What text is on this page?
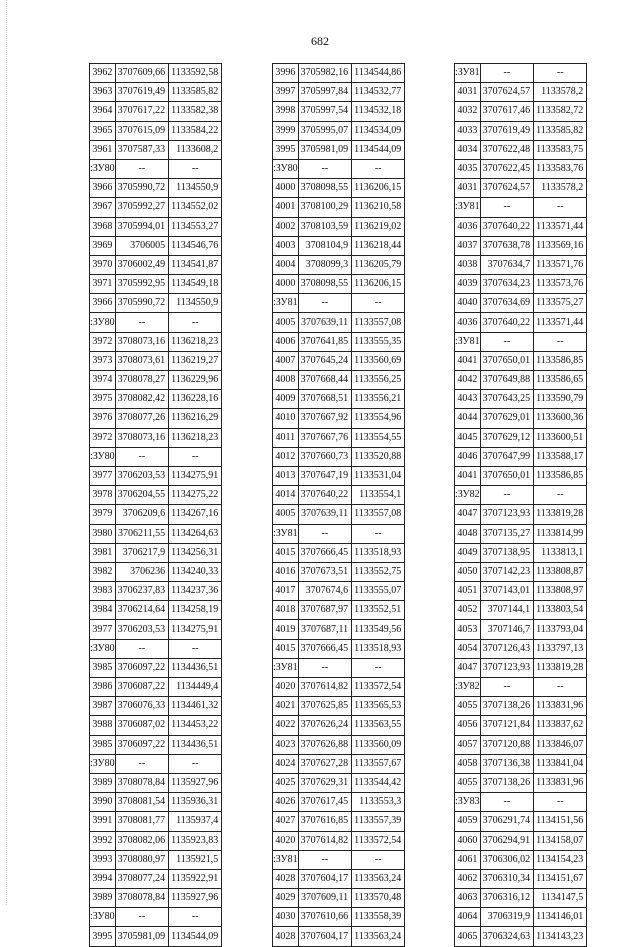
682
3962	3707609,66	1133592,58
3963	3707619,49	1133585,82
3964	3707617,22	1133582,38
3965	3707615,09	1133584,22
3961	3707587,33	1133608,2
:ЗУ80	--	--
3966	3705990,72	1134550,9
3967	3705992,27	1134552,02
3968	3705994,01	1134553,27
3969	3706005	1134546,76
3970	3706002,49	1134541,87
3971	3705992,95	1134549,18
3966	3705990,72	1134550,9
:ЗУ80	--	--
3972	3708073,16	1136218,23
3973	3708073,61	1136219,27
3974	3708078,27	1136229,96
3975	3708082,42	1136228,16
3976	3708077,26	1136216,29
3972	3708073,16	1136218,23
:ЗУ80	--	--
3977	3706203,53	1134275,91
3978	3706204,55	1134275,22
3979	3706209,6	1134267,16
3980	3706211,55	1134264,63
3981	3706217,9	1134256,31
3982	3706236	1134240,33
3983	3706237,83	1134237,36
3984	3706214,64	1134258,19
3977	3706203,53	1134275,91
:ЗУ80	--	--
3985	3706097,22	1134436,51
3986	3706087,22	1134449,4
3987	3706076,33	1134461,32
3988	3706087,02	1134453,22
3985	3706097,22	1134436,51
:ЗУ80	--	--
3989	3708078,84	1135927,96
3990	3708081,54	1135936,31
3991	3708081,77	1135937,4
3992	3708082,06	1135923,83
3993	3708080,97	1135921,5
3994	3708077,24	1135922,91
3989	3708078,84	1135927,96
:ЗУ80	--	--
3995	3705981,09	1134544,09
3996	3705982,16	1134544,86
3997	3705997,84	1134532,77
3998	3705997,54	1134532,18
3999	3705995,07	1134534,09
3995	3705981,09	1134544,09
:ЗУ80	--	--
4000	3708098,55	1136206,15
4001	3708100,29	1136210,58
4002	3708103,59	1136219,02
4003	3708104,9	1136218,44
4004	3708099,3	1136205,79
4000	3708098,55	1136206,15
:ЗУ81	--	--
4005	3707639,11	1133557,08
4006	3707641,85	1133555,35
4007	3707645,24	1133560,69
4008	3707668,44	1133556,25
4009	3707668,51	1133556,21
4010	3707667,92	1133554,96
4011	3707667,76	1133554,55
4012	3707660,73	1133520,88
4013	3707647,19	1133531,04
4014	3707640,22	1133554,1
4005	3707639,11	1133557,08
:ЗУ81	--	--
4015	3707666,45	1133518,93
4016	3707673,51	1133552,75
4017	3707674,6	1133555,07
4018	3707687,97	1133552,51
4019	3707687,11	1133549,56
4015	3707666,45	1133518,93
:ЗУ81	--	--
4020	3707614,82	1133572,54
4021	3707625,85	1133565,53
4022	3707626,24	1133563,55
4023	3707626,88	1133560,09
4024	3707627,28	1133557,67
4025	3707629,31	1133544,42
4026	3707617,45	1133553,3
4027	3707616,85	1133557,39
4020	3707614,82	1133572,54
:ЗУ81	--	--
4028	3707604,17	1133563,24
4029	3707609,11	1133570,48
4030	3707610,66	1133558,39
4028	3707604,17	1133563,24
:ЗУ81	--	--
4031	3707624,57	1133578,2
4032	3707617,46	1133582,72
4033	3707619,49	1133585,82
4034	3707622,48	1133583,75
4035	3707622,45	1133583,76
4031	3707624,57	1133578,2
:ЗУ81	--	--
4036	3707640,22	1133571,44
4037	3707638,78	1133569,16
4038	3707634,7	1133571,76
4039	3707634,23	1133573,76
4040	3707634,69	1133575,27
4036	3707640,22	1133571,44
:ЗУ81	--	--
4041	3707650,01	1133586,85
4042	3707649,88	1133586,65
4043	3707643,25	1133590,79
4044	3707629,01	1133600,36
4045	3707629,12	1133600,51
4046	3707647,99	1133588,17
4041	3707650,01	1133586,85
:ЗУ82	--	--
4047	3707123,93	1133819,28
4048	3707135,27	1133814,99
4049	3707138,95	1133813,1
4050	3707142,23	1133808,87
4051	3707143,01	1133808,97
4052	3707144,1	1133803,54
4053	3707146,7	1133793,04
4054	3707126,43	1133797,13
4047	3707123,93	1133819,28
:ЗУ82	--	--
4055	3707138,26	1133831,96
4056	3707121,84	1133837,62
4057	3707120,88	1133846,07
4058	3707136,38	1133841,04
4055	3707138,26	1133831,96
:ЗУ83	--	--
4059	3706291,74	1134151,56
4060	3706294,91	1134158,07
4061	3706306,02	1134154,23
4062	3706310,34	1134151,67
4063	3706316,12	1134147,5
4064	3706319,9	1134146,01
4065	3706324,63	1134143,23
